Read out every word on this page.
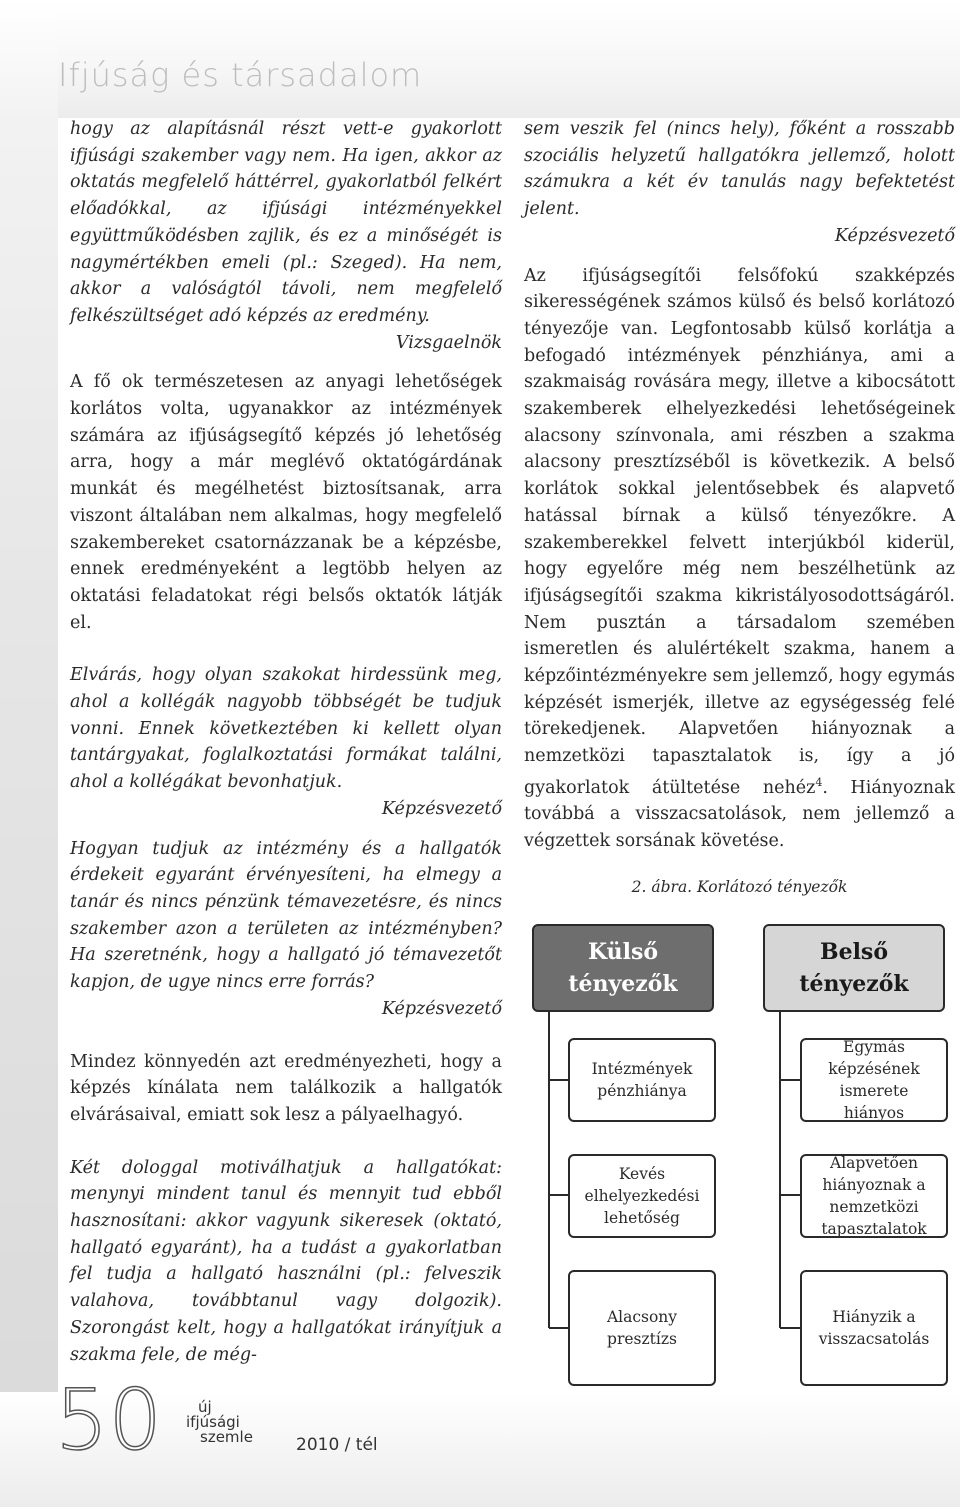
Ifjúság és társadalom

hogy az alapításnál részt vett-e gyakorlott ifjúsági szakember vagy nem. Ha igen, akkor az oktatás megfelelő háttérrel, gyakorlatból felkért előadókkal, az ifjúsági intézményekkel együttműködésben zajlik, és ez a minőségét is nagymértékben emeli (pl.: Szeged). Ha nem, akkor a valóságtól távoli, nem megfelelő felkészültséget adó képzés az eredmény.

Vizsgaelnök

A fő ok természetesen az anyagi lehetőségek korlátos volta, ugyanakkor az intézmények számára az ifjúságsegítő képzés jó lehetőség arra, hogy a már meglévő oktatógárdának munkát és megélhetést biztosítsanak, arra viszont általában nem alkalmas, hogy megfelelő szakembereket csatornázzanak be a képzésbe, ennek eredményeként a legtöbb helyen az oktatási feladatokat régi belsős oktatók látják el.

Elvárás, hogy olyan szakokat hirdessünk meg, ahol a kollégák nagyobb többségét be tudjuk vonni. Ennek következtében ki kellett olyan tantárgyakat, foglalkoztatási formákat találni, ahol a kollégákat bevonhatjuk.

Képzésvezető

Hogyan tudjuk az intézmény és a hallgatók érdekeit egyaránt érvényesíteni, ha elmegy a tanár és nincs pénzünk témavezetésre, és nincs szakember azon a területen az intézményben? Ha szeretnénk, hogy a hallgató jó témavezetőt kapjon, de ugye nincs erre forrás?

Képzésvezető

Mindez könnyedén azt eredményezheti, hogy a képzés kínálata nem találkozik a hallgatók elvárásaival, emiatt sok lesz a pályaelhagyó.

Két dologgal motiválhatjuk a hallgatókat: menynyi mindent tanul és mennyit tud ebből hasznosítani: akkor vagyunk sikeresek (oktató, hallgató egyaránt), ha a tudást a gyakorlatban fel tudja a hallgató használni (pl.: felveszik valahova, továbbtanul vagy dolgozik). Szorongást kelt, hogy a hallgatókat irányítjuk a szakma fele, de még-

sem veszik fel (nincs hely), főként a rosszabb szociális helyzetű hallgatókra jellemző, holott számukra a két év tanulás nagy befektetést jelent.

Képzésvezető

Az ifjúságsegítői felsőfokú szakképzés sikerességének számos külső és belső korlátozó tényezője van. Legfontosabb külső korlátja a befogadó intézmények pénzhiánya, ami a szakmaiság rovására megy, illetve a kibocsátott szakemberek elhelyezkedési lehetőségeinek alacsony színvonala, ami részben a szakma alacsony presztízséből is következik. A belső korlátok sokkal jelentősebbek és alapvető hatással bírnak a külső tényezőkre. A szakemberekkel felvett interjúkból kiderül, hogy egyelőre még nem beszélhetünk az ifjúságsegítői szakma kikristályosodottságáról. Nem pusztán a társadalom szemében ismeretlen és alulértékelt szakma, hanem a képzőintézményekre sem jellemző, hogy egymás képzését ismerjék, illetve az egységesség felé törekedjenek. Alapvetően hiányoznak a nemzetközi tapasztalatok is, így a jó gyakorlatok átültetése nehéz$^4$. Hiányoznak továbbá a visszacsatolások, nem jellemző a végzettek sorsának követése.

2. ábra. Korlátozó tényezők

Külső tényezők
Belső tényezők
Intézmények pénzhiánya
Kevés elhelyezkedési lehetőség
Alacsony presztízs
Egymás képzésének ismerete hiányos
Alapvetően hiányoznak a nemzetközi tapasztalatok
Hiányzik a visszacsatolás

50	új
ifjúsági
szemle	2010 / tél
